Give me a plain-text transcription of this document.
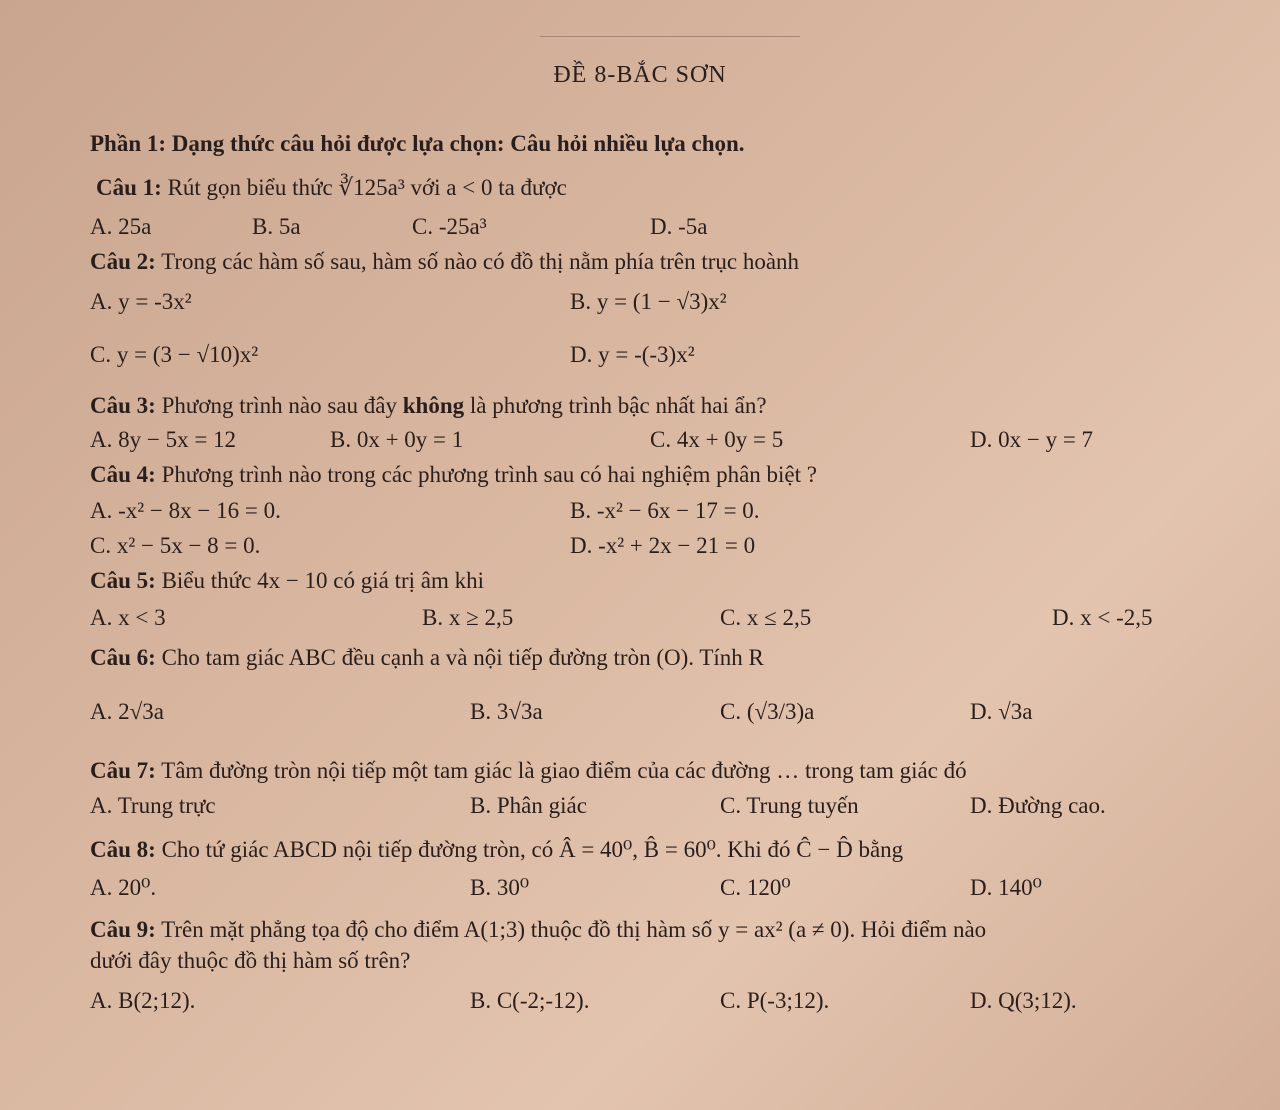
ĐỀ 8-BẮC SƠN
Phần 1: Dạng thức câu hỏi được lựa chọn: Câu hỏi nhiều lựa chọn.
Câu 1: Rút gọn biểu thức ∛125a³ với a < 0 ta được
A. 25a	B. 5a	C. -25a³	D. -5a
Câu 2: Trong các hàm số sau, hàm số nào có đồ thị nằm phía trên trục hoành
A. y = -3x²	B. y = (1 − √3)x²
C. y = (3 − √10)x²	D. y = -(-3)x²
Câu 3: Phương trình nào sau đây không là phương trình bậc nhất hai ẩn?
A. 8y − 5x = 12	B. 0x + 0y = 1	C. 4x + 0y = 5	D. 0x − y = 7
Câu 4: Phương trình nào trong các phương trình sau có hai nghiệm phân biệt ?
A. -x² − 8x − 16 = 0.	B. -x² − 6x − 17 = 0.
C. x² − 5x − 8 = 0.	D. -x² + 2x − 21 = 0
Câu 5: Biểu thức 4x − 10 có giá trị âm khi
A. x < 3	B. x ≥ 2,5	C. x ≤ 2,5	D. x < -2,5
Câu 6: Cho tam giác ABC đều cạnh a và nội tiếp đường tròn (O). Tính R
A. 2√3a	B. 3√3a	C. (√3/3)a	D. √3a
Câu 7: Tâm đường tròn nội tiếp một tam giác là giao điểm của các đường … trong tam giác đó
A. Trung trực	B. Phân giác	C. Trung tuyến	D. Đường cao.
Câu 8: Cho tứ giác ABCD nội tiếp đường tròn, có Â = 40⁰, B̂ = 60⁰. Khi đó Ĉ − D̂ bằng
A. 20⁰.	B. 30⁰	C. 120⁰	D. 140⁰
Câu 9: Trên mặt phẳng tọa độ cho điểm A(1;3) thuộc đồ thị hàm số y = ax² (a ≠ 0). Hỏi điểm nào
dưới đây thuộc đồ thị hàm số trên?
A. B(2;12).	B. C(-2;-12).	C. P(-3;12).	D. Q(3;12).
